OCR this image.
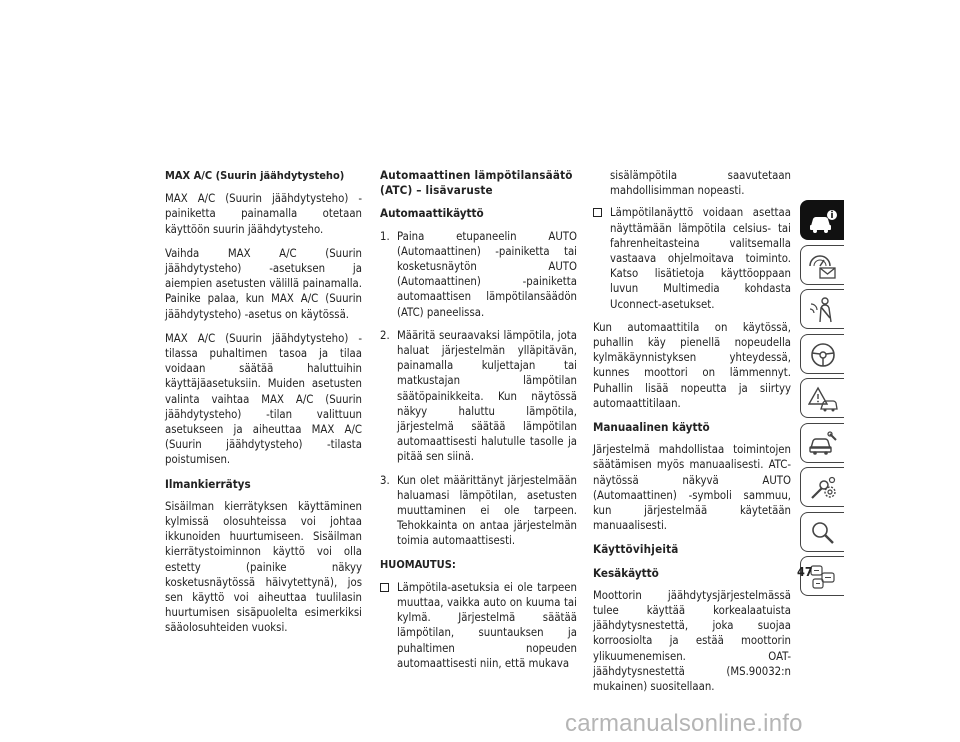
MAX A/C (Suurin jäähdytysteho)

MAX A/C (Suurin jäähdytysteho) -painiketta painamalla otetaan käyttöön suurin jäähdytysteho.

Vaihda MAX A/C (Suurin jäähdytysteho) -asetuksen ja aiempien asetusten välillä painamalla. Painike palaa, kun MAX A/C (Suurin jäähdytysteho) -asetus on käytössä.

MAX A/C (Suurin jäähdytysteho) -tilassa puhaltimen tasoa ja tilaa voidaan säätää haluttuihin käyttäjäasetuksiin. Muiden asetusten valinta vaihtaa MAX A/C (Suurin jäähdytysteho) -tilan valittuun asetukseen ja aiheuttaa MAX A/C (Suurin jäähdytysteho) -tilasta poistumisen.

Ilmankierrätys

Sisäilman kierrätyksen käyttäminen kylmissä olosuhteissa voi johtaa ikkunoiden huurtumiseen. Sisäilman kierrätystoiminnon käyttö voi olla estetty (painike näkyy kosketusnäytössä häivytettynä), jos sen käyttö voi aiheuttaa tuulilasin huurtumisen sisäpuolelta esimerkiksi sääolosuhteiden vuoksi.

Automaattinen lämpötilansäätö (ATC) – lisävaruste
Automaattikäyttö
1. Paina etupaneelin AUTO (Automaattinen) -painiketta tai kosketusnäytön AUTO (Automaattinen) -painiketta automaattisen lämpötilansäädön (ATC) paneelissa.
2. Määritä seuraavaksi lämpötila, jota haluat järjestelmän ylläpitävän, painamalla kuljettajan tai matkustajan lämpötilan säätöpainikkeita. Kun näytössä näkyy haluttu lämpötila, järjestelmä säätää lämpötilan automaattisesti halutulle tasolle ja pitää sen siinä.
3. Kun olet määrittänyt järjestelmään haluamasi lämpötilan, asetusten muuttaminen ei ole tarpeen. Tehokkainta on antaa järjestelmän toimia automaattisesti.
HUOMAUTUS:
Lämpötila-asetuksia ei ole tarpeen muuttaa, vaikka auto on kuuma tai kylmä. Järjestelmä säätää lämpötilan, suuntauksen ja puhaltimen nopeuden automaattisesti niin, että mukava

sisälämpötila saavutetaan mahdollisimman nopeasti.

Lämpötilanäyttö voidaan asettaa näyttämään lämpötila celsius- tai fahrenheitasteina valitsemalla vastaava ohjelmoitava toiminto. Katso lisätietoja käyttöoppaan luvun Multimedia kohdasta Uconnect-asetukset.

Kun automaattitila on käytössä, puhallin käy pienellä nopeudella kylmäkäynnistyksen yhteydessä, kunnes moottori on lämmennyt. Puhallin lisää nopeutta ja siirtyy automaattitilaan.

Manuaalinen käyttö

Järjestelmä mahdollistaa toimintojen säätämisen myös manuaalisesti. ATC-näytössä näkyvä AUTO (Automaattinen) -symboli sammuu, kun järjestelmää käytetään manuaalisesti.

Käyttövihjeitä
Kesäkäyttö

Moottorin jäähdytysjärjestelmässä tulee käyttää korkealaatuista jäähdytysnestettä, joka suojaa korroosiolta ja estää moottorin ylikuumenemisen. OAT-jäähdytysnestettä (MS.90032:n mukainen) suositellaan.

47
carmanualsonline.info
